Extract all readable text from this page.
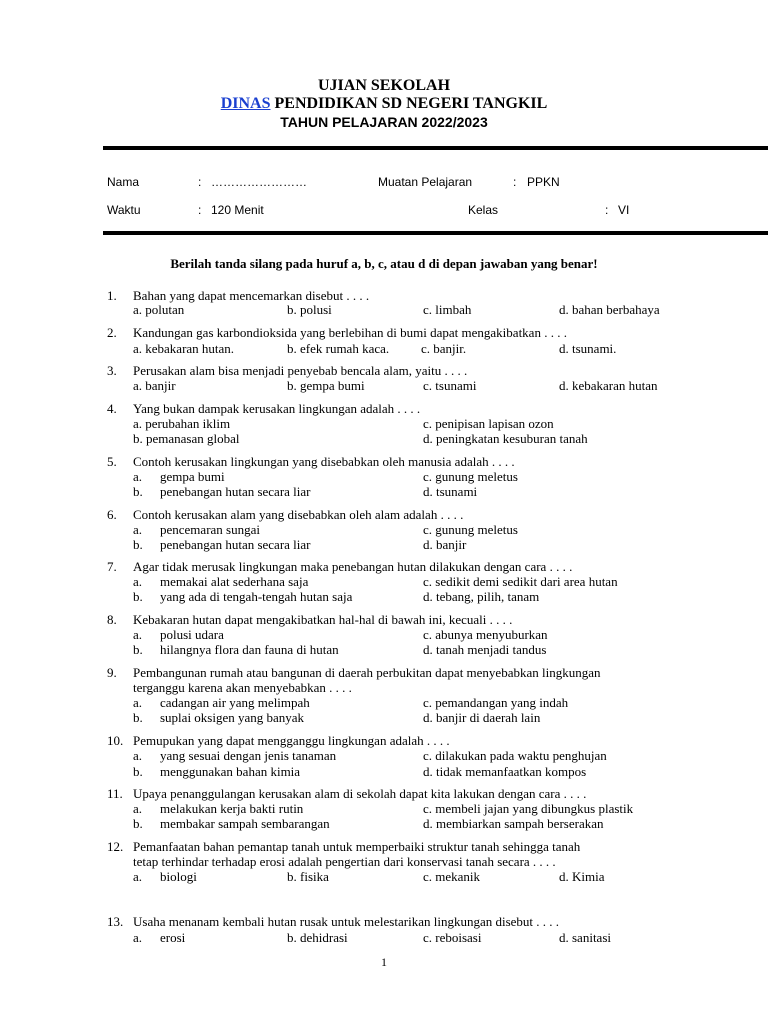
UJIAN SEKOLAH
DINAS PENDIDIKAN SD NEGERI TANGKIL
TAHUN PELAJARAN 2022/2023
Nama	: ……………………	Muatan Pelajaran	: PPKN
Waktu	: 120 Menit	Kelas	: VI
Berilah tanda silang pada huruf a, b, c, atau d di depan jawaban yang benar!
1. Bahan yang dapat mencemarkan disebut . . . .
a. polutan	b. polusi	c. limbah	d. bahan berbahaya
2. Kandungan gas karbondioksida yang berlebihan di bumi dapat mengakibatkan . . . .
a. kebakaran hutan.	b. efek rumah kaca. c. banjir.	d. tsunami.
3. Perusakan alam bisa menjadi penyebab bencala alam, yaitu . . . .
a. banjir	b. gempa bumi	c. tsunami	d. kebakaran hutan
4. Yang bukan dampak kerusakan lingkungan adalah . . . .
a. perubahan iklim
b. pemanasan global
c. penipisan lapisan ozon
d. peningkatan kesuburan tanah
5. Contoh kerusakan lingkungan yang disebabkan oleh manusia adalah . . . .
a. gempa bumi
b. penebangan hutan secara liar
c. gunung meletus
d. tsunami
6. Contoh kerusakan alam yang disebabkan oleh alam adalah . . . .
a. pencemaran sungai
b. penebangan hutan secara liar
c. gunung meletus
d. banjir
7. Agar tidak merusak lingkungan maka penebangan hutan dilakukan dengan cara . . . .
a. memakai alat sederhana saja
b. yang ada di tengah-tengah hutan saja
c. sedikit demi sedikit dari area hutan
d. tebang, pilih, tanam
8. Kebakaran hutan dapat mengakibatkan hal-hal di bawah ini, kecuali . . . .
a. polusi udara
b. hilangnya flora dan fauna di hutan
c. abunya menyuburkan
d. tanah menjadi tandus
9. Pembangunan rumah atau bangunan di daerah perbukitan dapat menyebabkan lingkungan
terganggu karena akan menyebabkan . . . .
a. cadangan air yang melimpah
b. suplai oksigen yang banyak
c. pemandangan yang indah
d. banjir di daerah lain
10. Pemupukan yang dapat mengganggu lingkungan adalah . . . .
a. yang sesuai dengan jenis tanaman
b. menggunakan bahan kimia
c. dilakukan pada waktu penghujan
d. tidak memanfaatkan kompos
11. Upaya penanggulangan kerusakan alam di sekolah dapat kita lakukan dengan cara . . . .
a. melakukan kerja bakti rutin
b. membakar sampah sembarangan
c. membeli jajan yang dibungkus plastik
d. membiarkan sampah berserakan
12. Pemanfaatan bahan pemantap tanah untuk memperbaiki struktur tanah sehingga tanah
tetap terhindar terhadap erosi adalah pengertian dari konservasi tanah secara . . . .
a. biologi	b. fisika	c. mekanik	d. Kimia
13. Usaha menanam kembali hutan rusak untuk melestarikan lingkungan disebut . . . .
a. erosi	b. dehidrasi	c. reboisasi	d. sanitasi
1
